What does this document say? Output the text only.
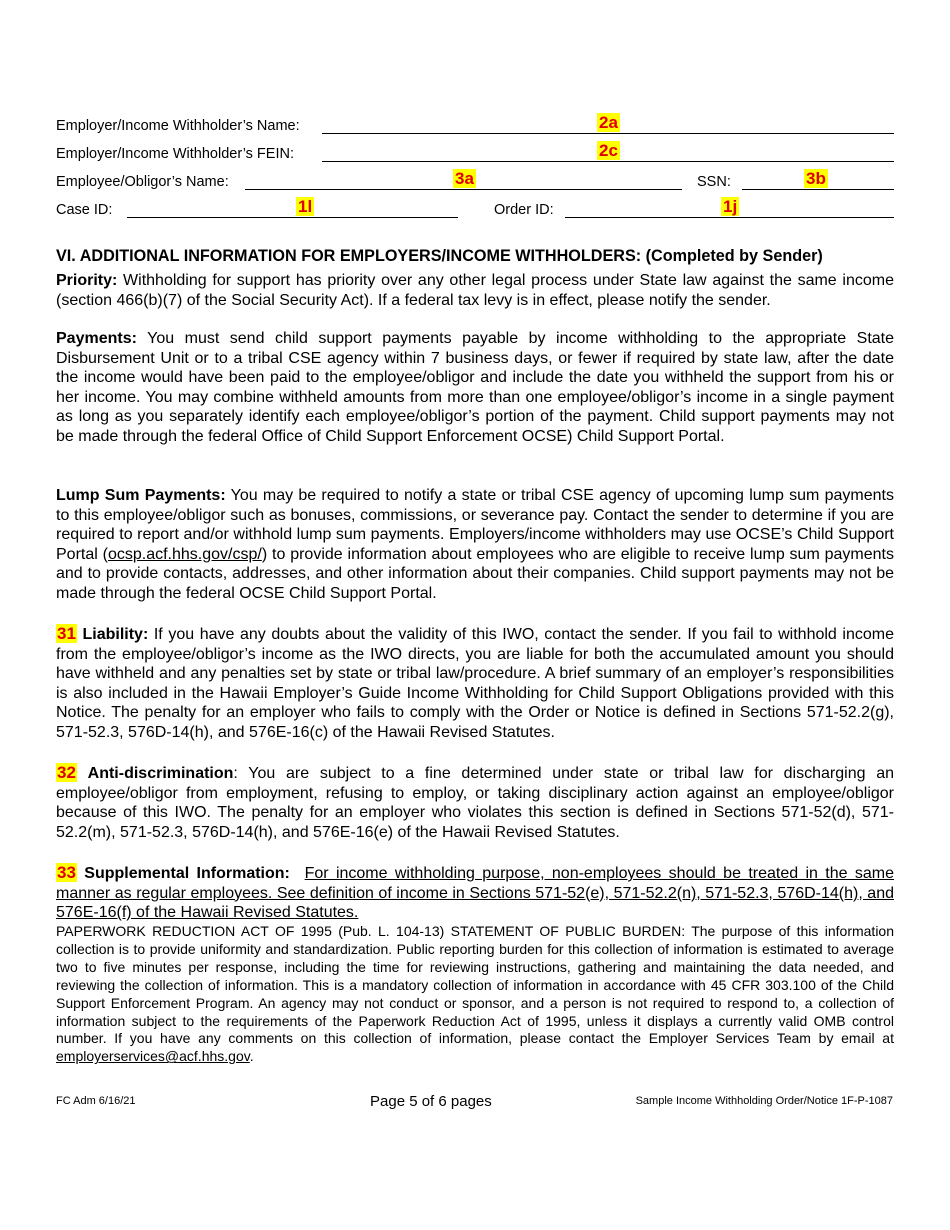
Employer/Income Withholder’s Name:	2a
Employer/Income Withholder’s FEIN:	2c
Employee/Obligor’s Name:	3a	SSN:	3b
Case ID:	1l	Order ID:	1j
VI. ADDITIONAL INFORMATION FOR EMPLOYERS/INCOME WITHHOLDERS: (Completed by Sender)

Priority: Withholding for support has priority over any other legal process under State law against the same income (section 466(b)(7) of the Social Security Act). If a federal tax levy is in effect, please notify the sender.

Payments: You must send child support payments payable by income withholding to the appropriate State Disbursement Unit or to a tribal CSE agency within 7 business days, or fewer if required by state law, after the date the income would have been paid to the employee/obligor and include the date you withheld the support from his or her income. You may combine withheld amounts from more than one employee/obligor’s income in a single payment as long as you separately identify each employee/obligor’s portion of the payment. Child support payments may not be made through the federal Office of Child Support Enforcement OCSE) Child Support Portal.

Lump Sum Payments: You may be required to notify a state or tribal CSE agency of upcoming lump sum payments to this employee/obligor such as bonuses, commissions, or severance pay. Contact the sender to determine if you are required to report and/or withhold lump sum payments. Employers/income withholders may use OCSE’s Child Support Portal (ocsp.acf.hhs.gov/csp/) to provide information about employees who are eligible to receive lump sum payments and to provide contacts, addresses, and other information about their companies. Child support payments may not be made through the federal OCSE Child Support Portal.

31 Liability: If you have any doubts about the validity of this IWO, contact the sender. If you fail to withhold income from the employee/obligor’s income as the IWO directs, you are liable for both the accumulated amount you should have withheld and any penalties set by state or tribal law/procedure. A brief summary of an employer’s responsibilities is also included in the Hawaii Employer’s Guide Income Withholding for Child Support Obligations provided with this Notice. The penalty for an employer who fails to comply with the Order or Notice is defined in Sections 571-52.2(g), 571-52.3, 576D-14(h), and 576E-16(c) of the Hawaii Revised Statutes.

32 Anti-discrimination: You are subject to a fine determined under state or tribal law for discharging an employee/obligor from employment, refusing to employ, or taking disciplinary action against an employee/obligor because of this IWO. The penalty for an employer who violates this section is defined in Sections 571-52(d), 571-52.2(m), 571-52.3, 576D-14(h), and 576E-16(e) of the Hawaii Revised Statutes.

33 Supplemental Information: For income withholding purpose, non-employees should be treated in the same manner as regular employees. See definition of income in Sections 571-52(e), 571-52.2(n), 571-52.3, 576D-14(h), and 576E-16(f) of the Hawaii Revised Statutes.

PAPERWORK REDUCTION ACT OF 1995 (Pub. L. 104-13) STATEMENT OF PUBLIC BURDEN: The purpose of this information collection is to provide uniformity and standardization. Public reporting burden for this collection of information is estimated to average two to five minutes per response, including the time for reviewing instructions, gathering and maintaining the data needed, and reviewing the collection of information. This is a mandatory collection of information in accordance with 45 CFR 303.100 of the Child Support Enforcement Program. An agency may not conduct or sponsor, and a person is not required to respond to, a collection of information subject to the requirements of the Paperwork Reduction Act of 1995, unless it displays a currently valid OMB control number. If you have any comments on this collection of information, please contact the Employer Services Team by email at employerservices@acf.hhs.gov.

FC Adm 6/16/21	Page 5 of 6 pages	Sample Income Withholding Order/Notice 1F-P-1087
